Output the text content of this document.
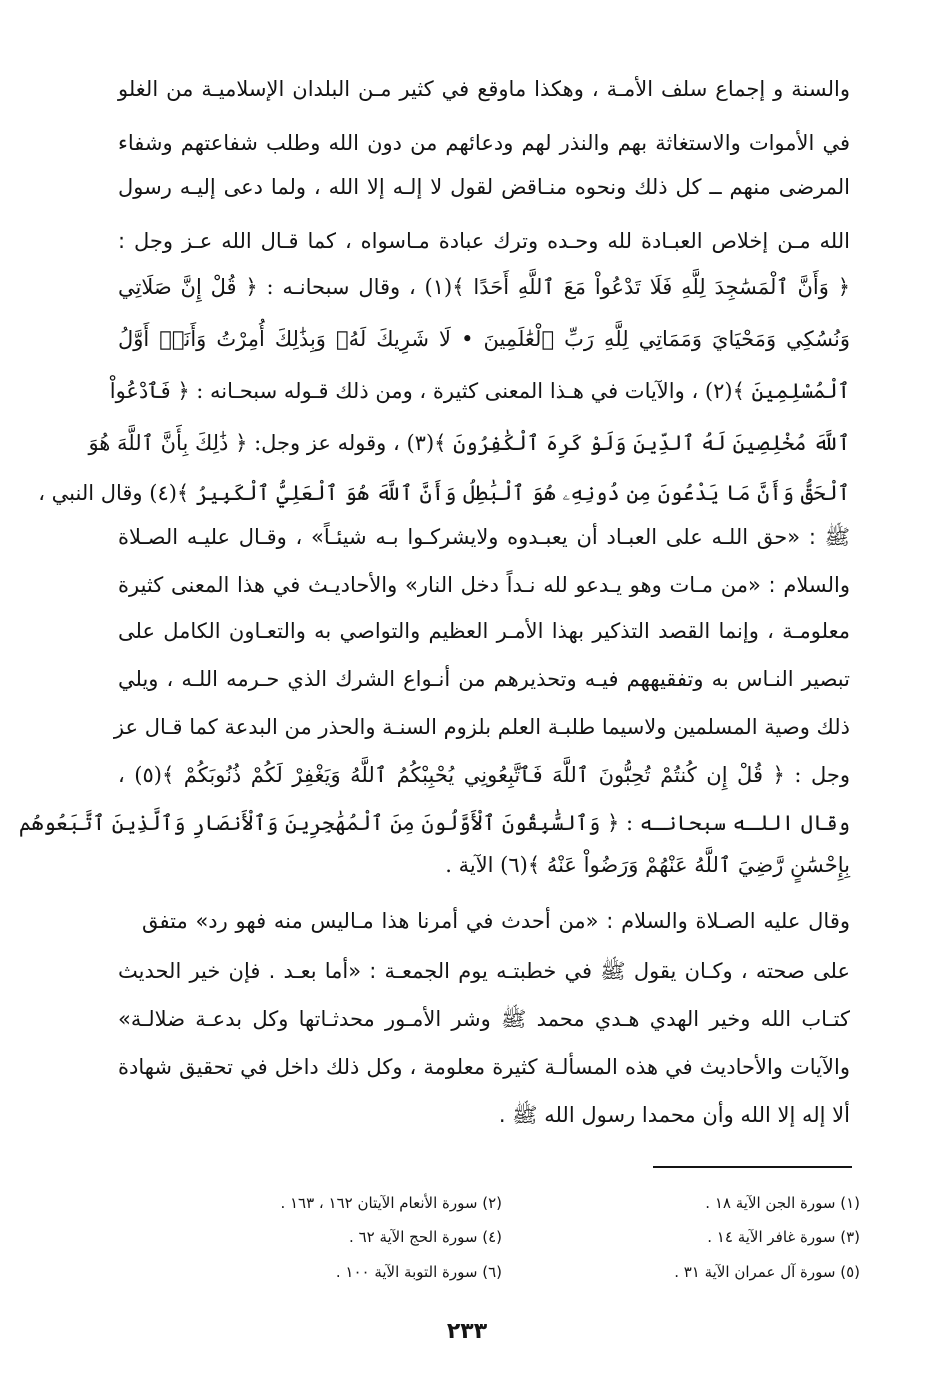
والسنة و إجماع سلف الأمـة ، وهكذا ماوقع في كثير مـن البلدان الإسلاميـة من الغلو
في الأموات والاستغاثة بهم والنذر لهم ودعائهم من دون الله وطلب شفاعتهم وشفاء
المرضى منهم ــ كل ذلك ونحوه منـاقض لقول لا إلـه إلا الله ، ولما دعى إليـه رسول
الله مـن إخلاص العبـادة لله وحـده وترك عبادة مـاسواه ، كما قـال الله عـز وجل :
﴿ وَأَنَّ ٱلْمَسَٰجِدَ لِلَّهِ فَلَا تَدْعُواْ مَعَ ٱللَّهِ أَحَدًا ﴾(١) ، وقال سبحانـه : ﴿ قُلْ إِنَّ صَلَاتِي
وَنُسُكِي وَمَحْيَايَ وَمَمَاتِي لِلَّهِ رَبِّ ٱلْعَٰلَمِينَ • لَا شَرِيكَ لَهُۥ وَبِذَٰلِكَ أُمِرْتُ وَأَنَا۠ أَوَّلُ
ٱلْمُسْلِمِينَ ﴾(٢) ، والآيات في هـذا المعنى كثيرة ، ومن ذلك قـوله سبحـانه : ﴿ فَٱدْعُواْ
ٱللَّهَ مُخْلِصِينَ لَهُ ٱلدِّينَ وَلَوْ كَرِهَ ٱلْكَٰفِرُونَ ﴾(٣) ، وقوله عز وجل: ﴿ ذَٰلِكَ بِأَنَّ ٱللَّهَ هُوَ
ٱلْحَقُّ وَأَنَّ مَا يَدْعُونَ مِن دُونِهِۦ هُوَ ٱلْبَٰطِلُ وَأَنَّ ٱللَّهَ هُوَ ٱلْعَلِيُّ ٱلْكَبِيرُ ﴾(٤) وقال النبي ،
ﷺ : «حق اللـه على العبـاد أن يعبـدوه ولايشركـوا بـه شيئـاً» ، وقـال عليـه الصـلاة
والسلام : «من مـات وهو يـدعو لله نـداً دخل النار» والأحاديـث في هذا المعنى كثيرة
معلومـة ، وإنما القصد التذكير بهذا الأمـر العظيم والتواصي به والتعـاون الكامل على
تبصير النـاس به وتفقيههم فيـه وتحذيرهم من أنـواع الشرك الذي حـرمه اللـه ، ويلي
ذلك وصية المسلمين ولاسيما طلبـة العلم بلزوم السنـة والحذر من البدعة كما قـال عز
وجل : ﴿ قُلْ إِن كُنتُمْ تُحِبُّونَ ٱللَّهَ فَٱتَّبِعُونِي يُحْبِبْكُمُ ٱللَّهُ وَيَغْفِرْ لَكُمْ ذُنُوبَكُمْ ﴾(٥) ،
وقال اللـه سبحانـه : ﴿ وَٱلسَّٰبِقُونَ ٱلْأَوَّلُونَ مِنَ ٱلْمُهَٰجِرِينَ وَٱلْأَنصَارِ وَٱلَّذِينَ ٱتَّبَعُوهُم
بِإِحْسَٰنٍ رَّضِيَ ٱللَّهُ عَنْهُمْ وَرَضُواْ عَنْهُ ﴾(٦) الآية .
وقال عليه الصـلاة والسلام : «من أحدث في أمرنا هذا مـاليس منه فهو رد» متفق
على صحته ، وكـان يقول ﷺ في خطبتـه يوم الجمعـة : «أما بعـد . فإن خير الحديث
كتـاب الله وخير الهدي هـدي محمد ﷺ وشر الأمـور محدثـاتها وكل بدعـة ضلالـة»
والآيات والأحاديث في هذه المسألـة كثيرة معلومة ، وكل ذلك داخل في تحقيق شهادة
ألا إله إلا الله وأن محمدا رسول الله ﷺ .
(١) سورة الجن الآية ١٨ .
(٢) سورة الأنعام الآيتان ١٦٢ ، ١٦٣ .
(٣) سورة غافر الآية ١٤ .
(٤) سورة الحج الآية ٦٢ .
(٥) سورة آل عمران الآية ٣١ .
(٦) سورة التوبة الآية ١٠٠ .
٢٣٣
